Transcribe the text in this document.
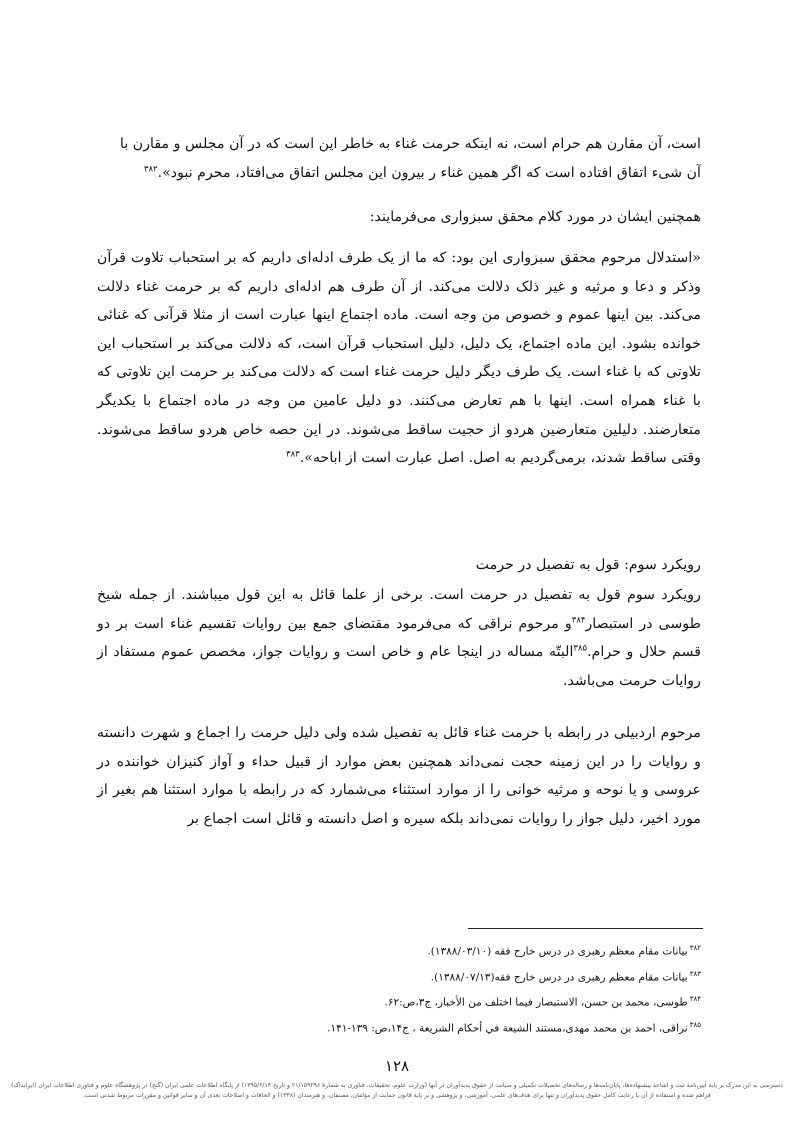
است، آن مقارن هم حرام است، نه اینکه حرمت غناء به خاطر این است که در آن مجلس و مقارن با
آن شیء اتفاق افتاده است که اگر همین غناء ر بیرون این مجلس اتفاق می‌افتاد، محرم نبود».$^{۳۸۲}$

همچنین ایشان در مورد کلام محقق سبزواری می‌فرمایند:

«استدلال مرحوم محقق سبزواری این بود: که ما از یک طرف ادله‌ای داریم که بر استحباب تلاوت قرآن وذکر و دعا و مرثیه و غیر ذلک دلالت می‌کند. از آن طرف هم ادله‌ای داریم که بر حرمت غناء دلالت می‌کند. بین اینها عموم و خصوص من وجه است. ماده اجتماع اینها عبارت است از مثلا قرآنی که غنائی خوانده بشود. این ماده اجتماع، یک دلیل، دلیل استحباب قرآن است، که دلالت می‌کند بر استحباب این تلاوتی که با غناء است. یک طرف دیگر دلیل حرمت غناء است که دلالت می‌کند بر حرمت این تلاوتی که با غناء همراه است. اینها با هم تعارض می‌کنند. دو دلیل عامین من وجه در ماده اجتماع با یکدیگر متعارضند. دلیلین متعارضین هردو از حجیت ساقط می‌شوند. در این حصه خاص هردو ساقط می‌شوند. وقتی ساقط شدند، برمی‌گردیم به اصل. اصل عبارت است از اباحه».$^{۳۸۳}$

رویکرد سوم: قول به تفصیل در حرمت

رویکرد سوم قول به تفصیل در حرمت است. برخی از علما قائل به این قول میباشند. از جمله شیخ طوسی در استبصار$^{۳۸۴}$و مرحوم نراقی که می‌فرمود مقتضای جمع بین روایات تقسیم غناء است بر دو قسم حلال و حرام.$^{۳۸۵}$البتّه مساله در اینجا عام و خاص است و روایات جواز، مخصص عموم مستفاد از روایات حرمت می‌باشد.

مرحوم اردبیلی در رابطه با حرمت غناء قائل به تفصیل شده ولی دلیل حرمت را اجماع و شهرت دانسته و روایات را در این زمینه حجت نمی‌داند همچنین بعض موارد از قبیل حداء و آواز کنیزان خواننده در عروسی و یا نوحه و مرثیه خوانی را از موارد استثناء می‌شمارد که در رابطه با موارد استثنا هم بغیر از مورد اخیر، دلیل جواز را روایات نمی‌داند بلکه سیره و اصل دانسته و قائل است اجماع بر

$^{۳۸۲}$بیانات مقام معظم رهبری در درس خارج فقه (۱۳۸۸/۰۳/۱۰).
$^{۳۸۳}$بیانات مقام معظم رهبری در درس خارج فقه(۱۳۸۸/۰۷/۱۳).
$^{۳۸۴}$طوسی، محمد بن حسن، الاستبصار فيما اختلف من الأخبار، ج۳،ص:۶۲.
$^{۳۸۵}$نراقی، احمد بن محمد مهدی،مستند الشيعة في أحكام الشريعة ، ج۱۴،ص: ۱۳۹-۱۴۱.
۱۲۸
دسترسی به این مدرک بر پایهٔ آیین‌نامهٔ ثبت و اشاعهٔ پیشنهاده‌ها، پایان‌نامه‌ها و رساله‌های تحصیلات تکمیلی و صیانت از حقوق پدیدآوران در آنها (وزارت علوم، تحقیقات، فناوری به شمارهٔ ۲۱/۱۵۹۲۹۶ و تاریخ ۱۳۹۵/۶/۱۴) از پایگاه اطلاعات علمی ایران (گنج) در پژوهشگاه علوم و فناوری اطلاعات ایران (ایرانداک) فراهم شده و استفاده از آن با رعایت کامل حقوق پدیدآوران و تنها برای هدف‌های علمی، آموزشی، و پژوهشی و بر پایهٔ قانون حمایت از مؤلفان، مصنفان، و هنرمندان (۱۳۴۸) و الحاقات و اصلاحات بعدی آن و سایر قوانین و مقررات مربوط شدنی است.
